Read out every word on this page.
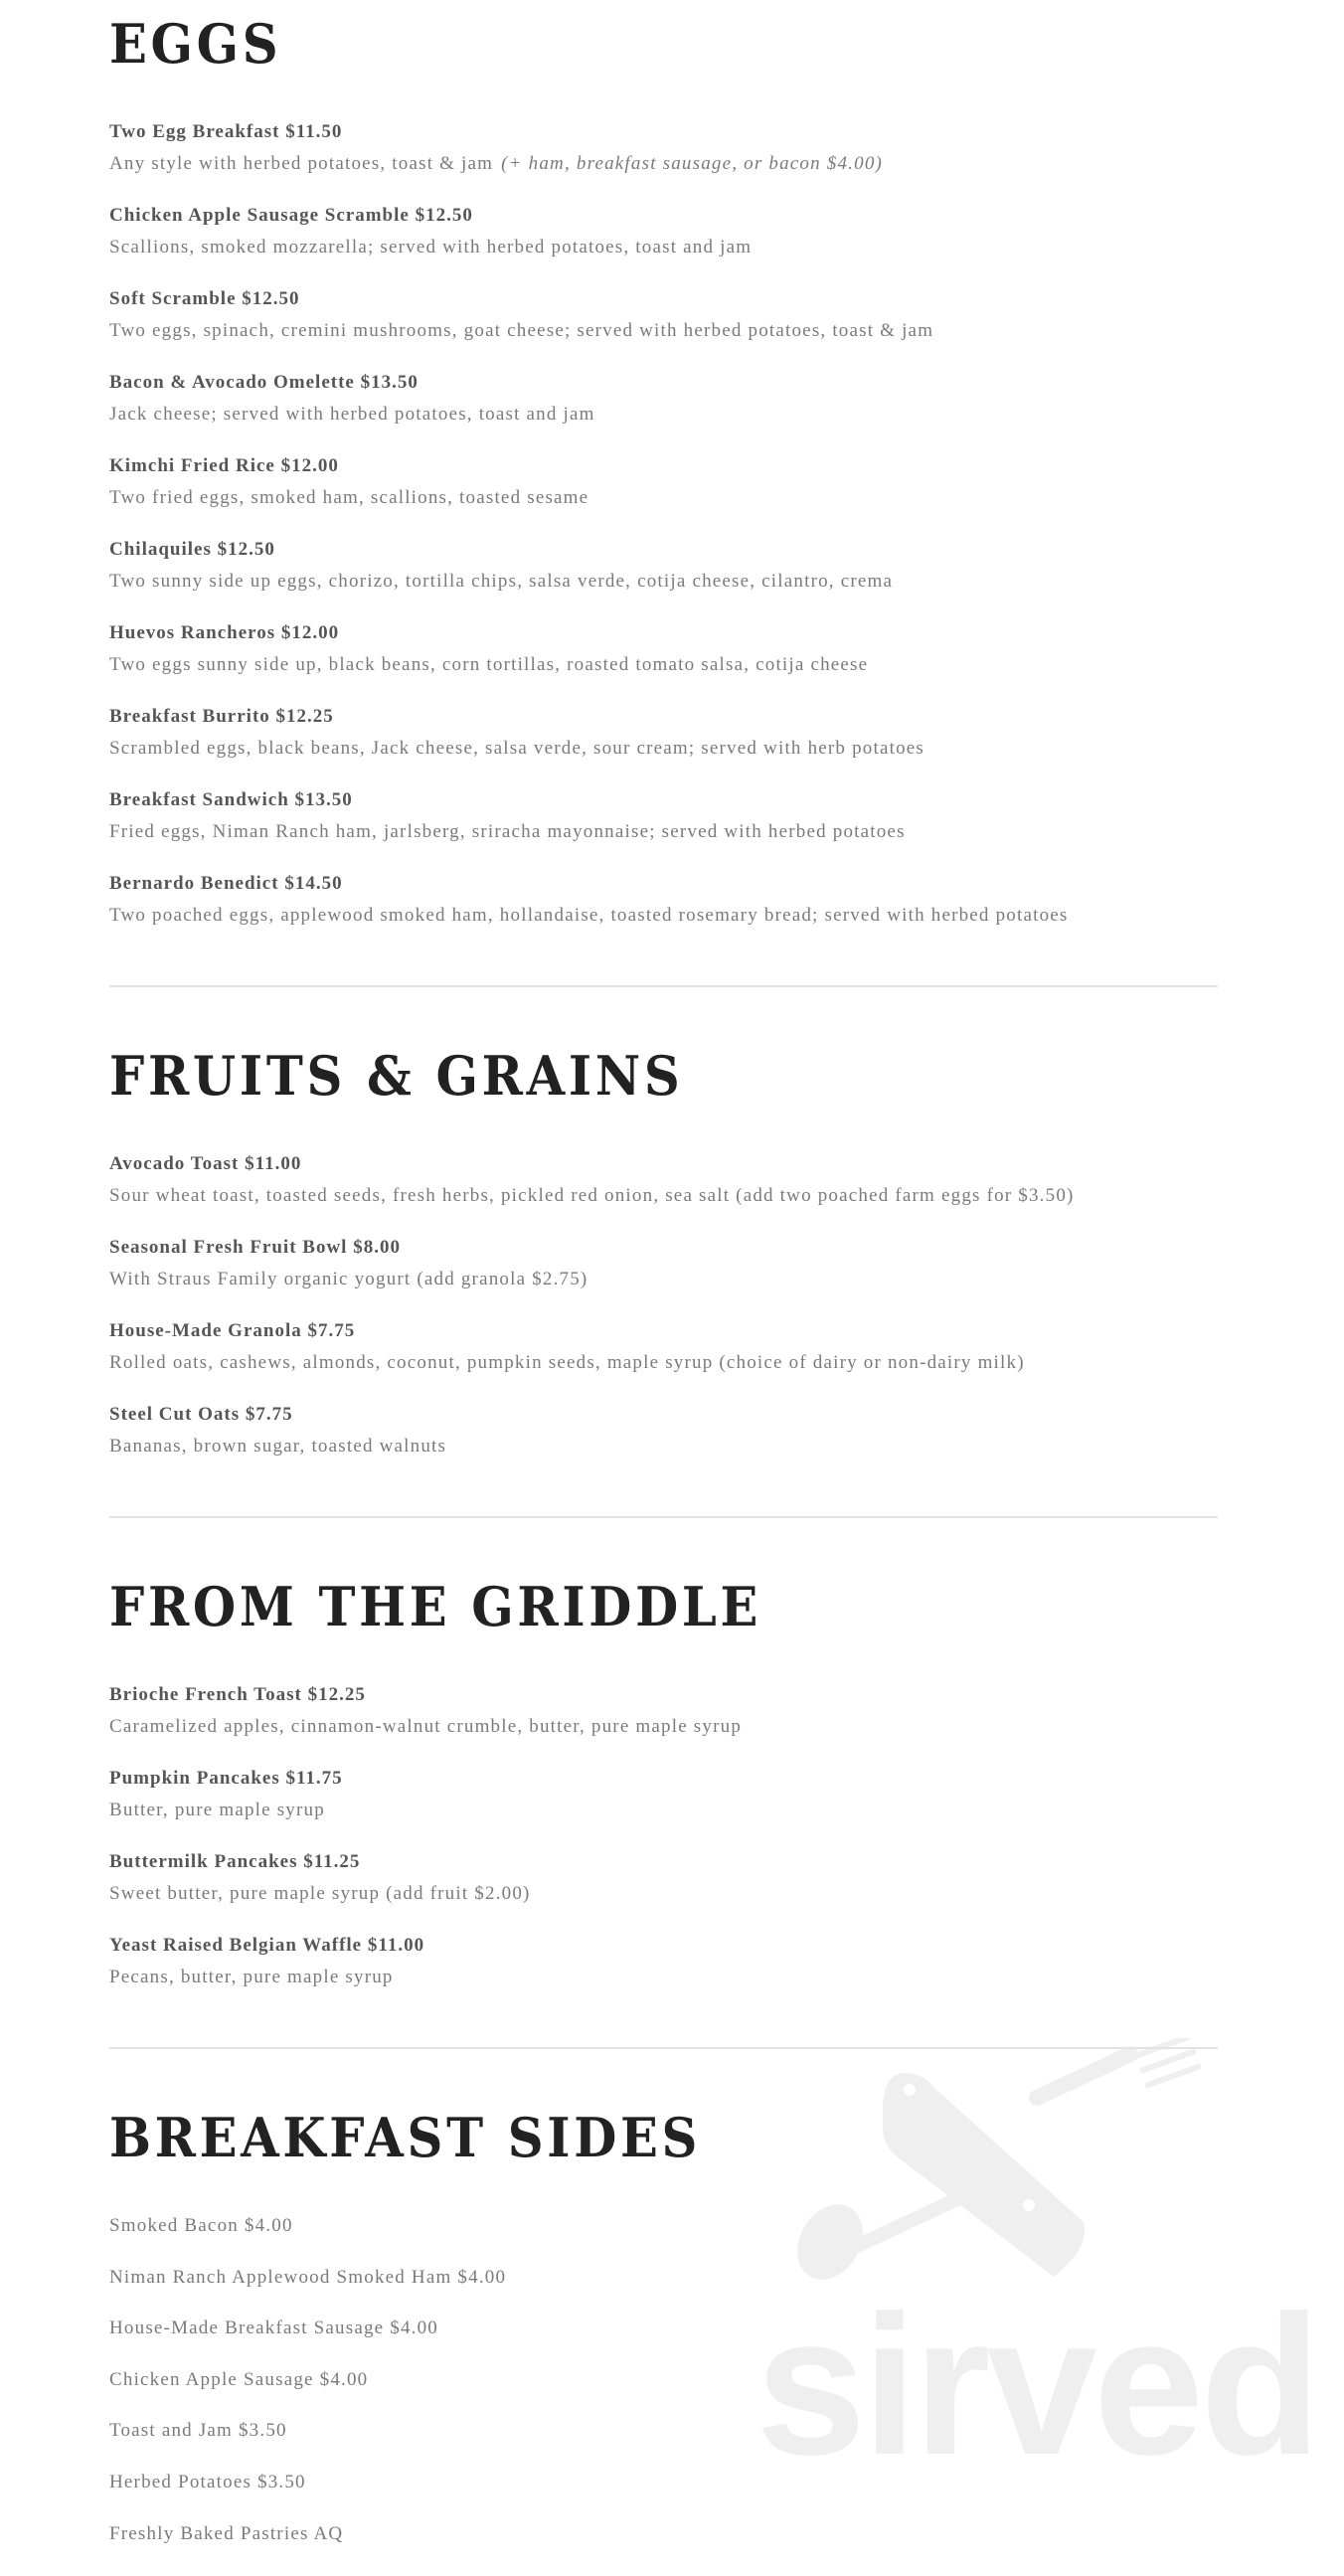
sirved
EGGS
Two Egg Breakfast $11.50
Any style with herbed potatoes, toast & jam (+ ham, breakfast sausage, or bacon $4.00)
Chicken Apple Sausage Scramble $12.50
Scallions, smoked mozzarella; served with herbed potatoes, toast and jam
Soft Scramble $12.50
Two eggs, spinach, cremini mushrooms, goat cheese; served with herbed potatoes, toast & jam
Bacon & Avocado Omelette $13.50
Jack cheese; served with herbed potatoes, toast and jam
Kimchi Fried Rice $12.00
Two fried eggs, smoked ham, scallions, toasted sesame
Chilaquiles $12.50
Two sunny side up eggs, chorizo, tortilla chips, salsa verde, cotija cheese, cilantro, crema
Huevos Rancheros $12.00
Two eggs sunny side up, black beans, corn tortillas, roasted tomato salsa, cotija cheese
Breakfast Burrito $12.25
Scrambled eggs, black beans, Jack cheese, salsa verde, sour cream; served with herb potatoes
Breakfast Sandwich $13.50
Fried eggs, Niman Ranch ham, jarlsberg, sriracha mayonnaise; served with herbed potatoes
Bernardo Benedict $14.50
Two poached eggs, applewood smoked ham, hollandaise, toasted rosemary bread; served with herbed potatoes
FRUITS & GRAINS
Avocado Toast $11.00
Sour wheat toast, toasted seeds, fresh herbs, pickled red onion, sea salt (add two poached farm eggs for $3.50)
Seasonal Fresh Fruit Bowl $8.00
With Straus Family organic yogurt (add granola $2.75)
House-Made Granola $7.75
Rolled oats, cashews, almonds, coconut, pumpkin seeds, maple syrup (choice of dairy or non-dairy milk)
Steel Cut Oats $7.75
Bananas, brown sugar, toasted walnuts
FROM THE GRIDDLE
Brioche French Toast $12.25
Caramelized apples, cinnamon-walnut crumble, butter, pure maple syrup
Pumpkin Pancakes $11.75
Butter, pure maple syrup
Buttermilk Pancakes $11.25
Sweet butter, pure maple syrup (add fruit $2.00)
Yeast Raised Belgian Waffle $11.00
Pecans, butter, pure maple syrup
BREAKFAST SIDES
Smoked Bacon $4.00
Niman Ranch Applewood Smoked Ham $4.00
House-Made Breakfast Sausage $4.00
Chicken Apple Sausage $4.00
Toast and Jam $3.50
Herbed Potatoes $3.50
Freshly Baked Pastries AQ
